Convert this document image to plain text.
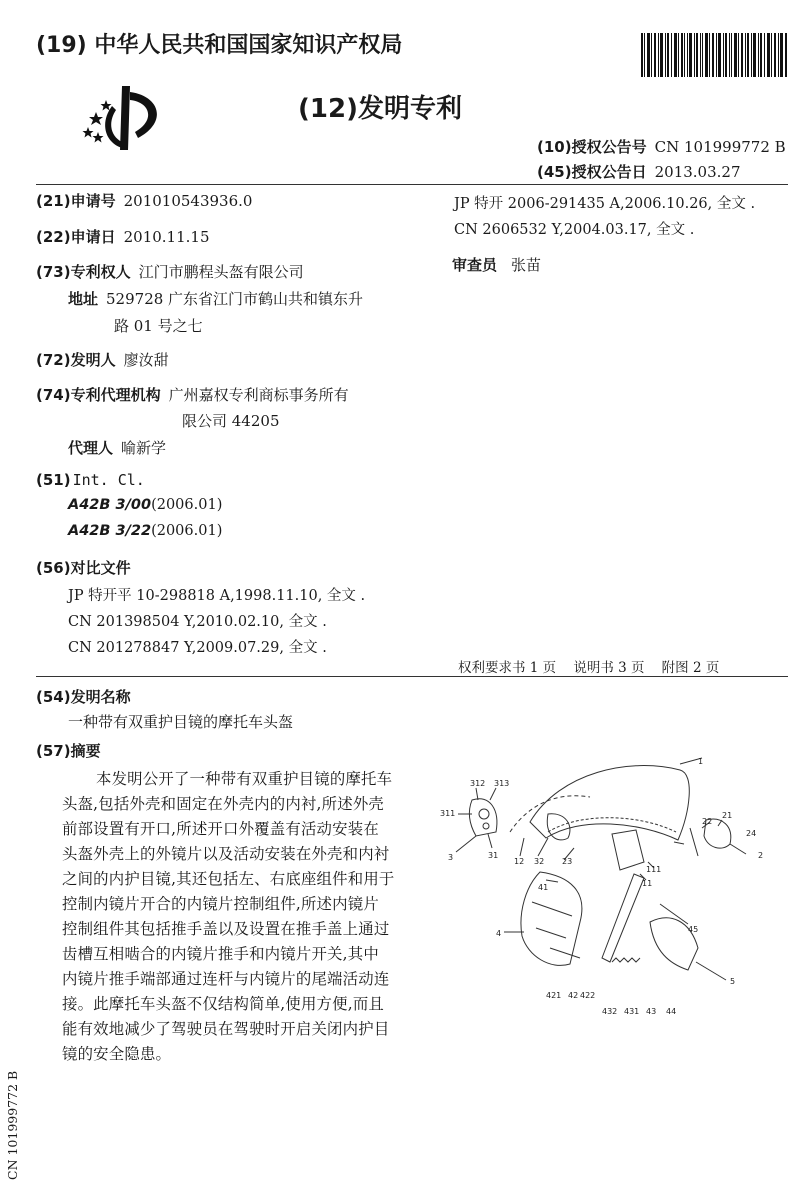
(19) 中华人民共和国国家知识产权局
(12)发明专利
(10)授权公告号 CN 101999772 B
(45)授权公告日 2013.03.27
(21)申请号 201010543936.0
(22)申请日 2010.11.15
(73)专利权人 江门市鹏程头盔有限公司
地址 529728 广东省江门市鹤山共和镇东升
路 01 号之七
(72)发明人 廖汝甜
(74)专利代理机构 广州嘉权专利商标事务所有
限公司 44205
代理人 喻新学
(51) Int. Cl.
A42B 3/00(2006.01)
A42B 3/22(2006.01)
(56)对比文件
JP 特开平 10-298818 A,1998.11.10, 全文 .
CN 201398504 Y,2010.02.10, 全文 .
CN 201278847 Y,2009.07.29, 全文 .
JP 特开 2006-291435 A,2006.10.26, 全文 .
CN 2606532 Y,2004.03.17, 全文 .
审查员 张苗
权利要求书 1 页    说明书 3 页    附图 2 页
(54)发明名称
一种带有双重护目镜的摩托车头盔
(57)摘要
本发明公开了一种带有双重护目镜的摩托车
头盔,包括外壳和固定在外壳内的内衬,所述外壳
前部设置有开口,所述开口外覆盖有活动安装在
头盔外壳上的外镜片以及活动安装在外壳和内衬
之间的内护目镜,其还包括左、右底座组件和用于
控制内镜片开合的内镜片控制组件,所述内镜片
控制组件其包括推手盖以及设置在推手盖上通过
齿槽互相啮合的内镜片推手和内镜片开关,其中
内镜片推手端部通过连杆与内镜片的尾端活动连
接。此摩托车头盔不仅结构简单,使用方便,而且
能有效地减少了驾驶员在驾驶时开启关闭内护目
镜的安全隐患。
1
312 313
311
3	31
12 32 23
22
21
24
2
111
11
41
45
4
421 42 422
432 431 43 44
5
CN 101999772 B
